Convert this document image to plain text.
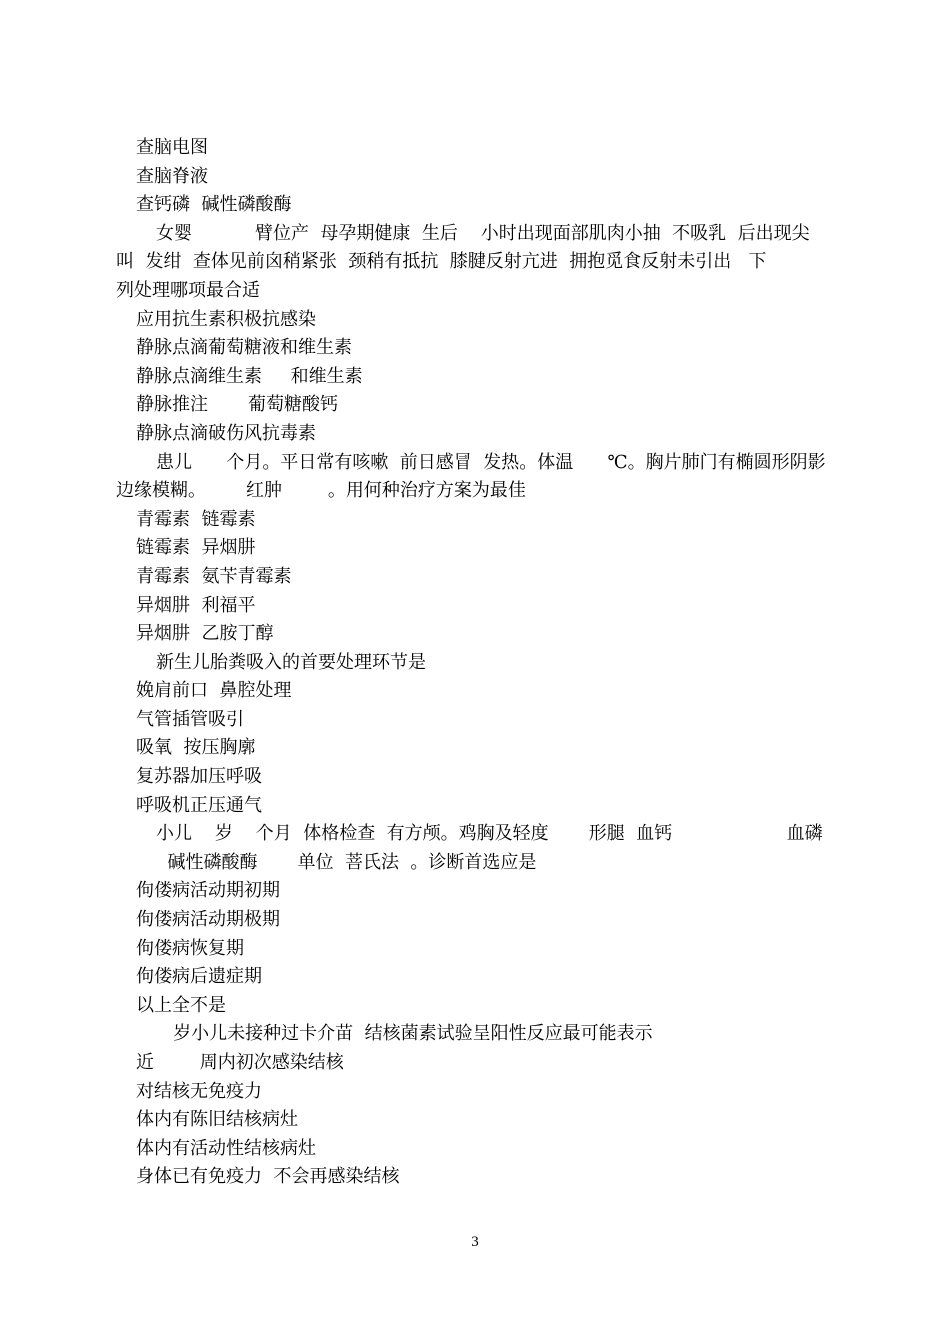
查脑电图
查脑脊液
查钙磷  碱性磷酸酶
女婴           臂位产  母孕期健康  生后    小时出现面部肌肉小抽  不吸乳  后出现尖
叫  发绀  查体见前囟稍紧张  颈稍有抵抗  膝腱反射亢进  拥抱觅食反射未引出   下
列处理哪项最合适
应用抗生素积极抗感染
静脉点滴葡萄糖液和维生素
静脉点滴维生素     和维生素
静脉推注       葡萄糖酸钙
静脉点滴破伤风抗毒素
患儿      个月。平日常有咳嗽  前日感冒  发热。体温      ℃。胸片肺门有椭圆形阴影
边缘模糊。       红肿        。用何种治疗方案为最佳
青霉素  链霉素
链霉素  异烟肼
青霉素  氨苄青霉素
异烟肼  利福平
异烟肼  乙胺丁醇
新生儿胎粪吸入的首要处理环节是
娩肩前口  鼻腔处理
气管插管吸引
吸氧  按压胸廓
复苏器加压呼吸
呼吸机正压通气
小儿    岁    个月  体格检查  有方颅。鸡胸及轻度       形腿  血钙                    血磷
碱性磷酸酶       单位  菩氏法  。诊断首选应是
佝偻病活动期初期
佝偻病活动期极期
佝偻病恢复期
佝偻病后遗症期
以上全不是
岁小儿未接种过卡介苗  结核菌素试验呈阳性反应最可能表示
近        周内初次感染结核
对结核无免疫力
体内有陈旧结核病灶
体内有活动性结核病灶
身体已有免疫力  不会再感染结核
3
